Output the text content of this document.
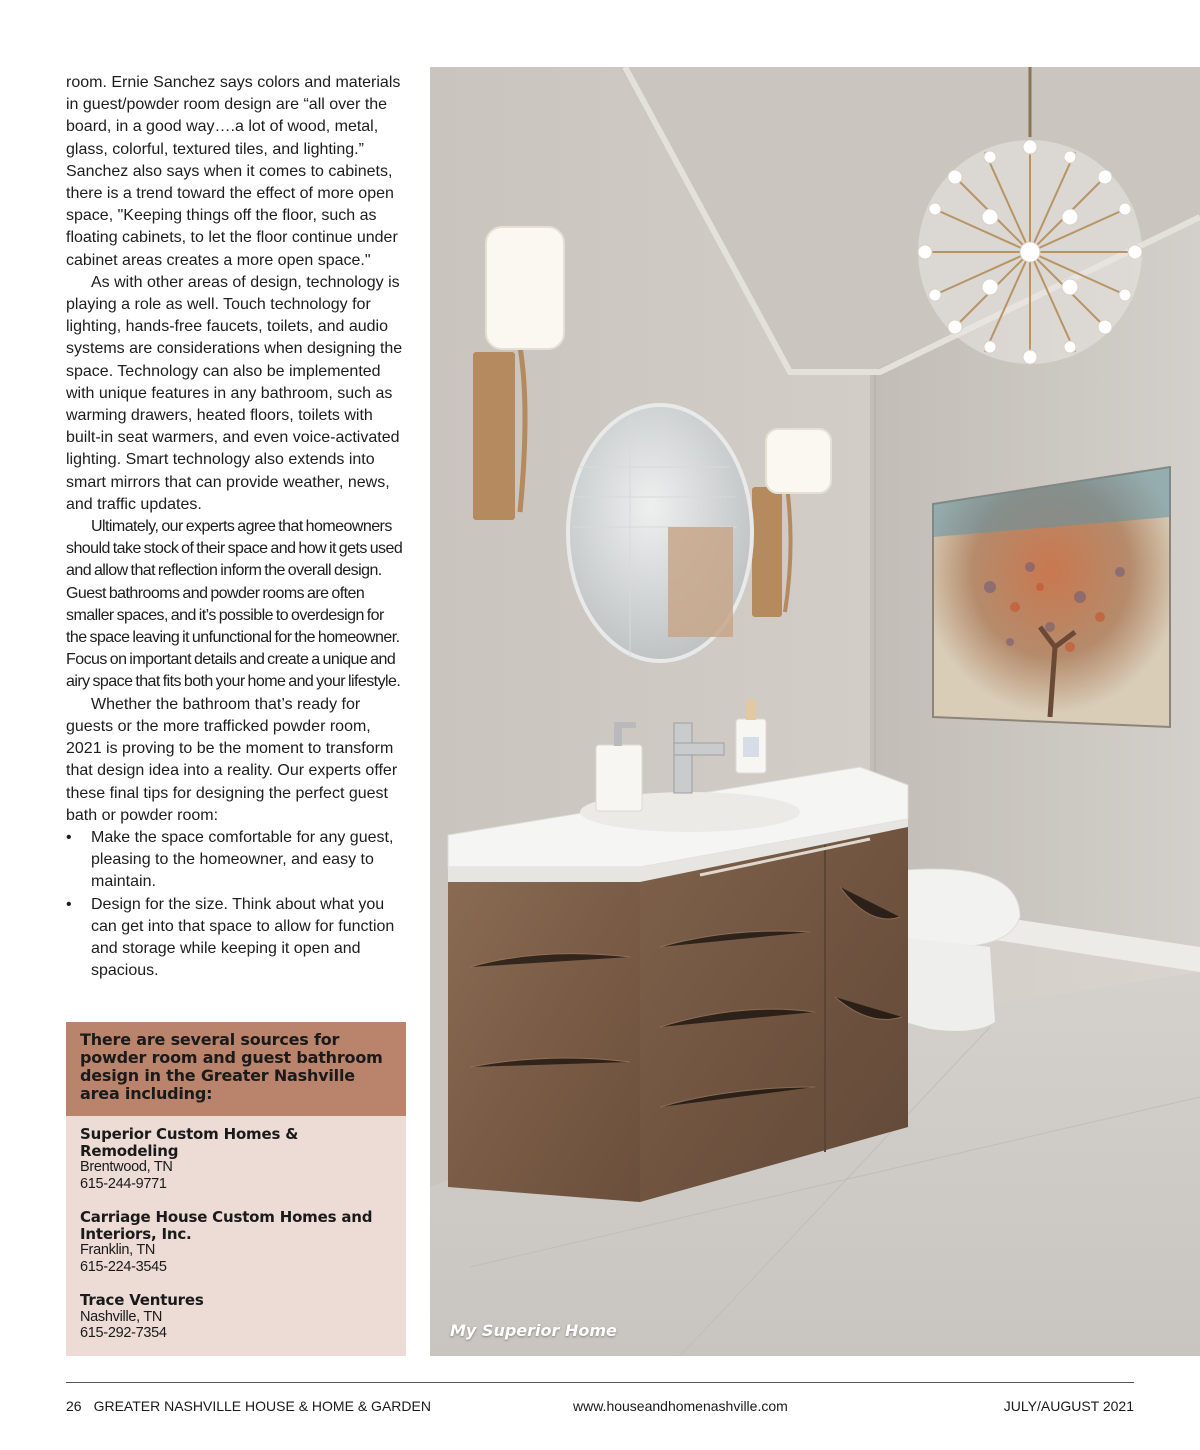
room. Ernie Sanchez says colors and materials in guest/powder room design are “all over the board, in a good way….a lot of wood, metal, glass, colorful, textured tiles, and lighting.” Sanchez also says when it comes to cabinets, there is a trend toward the effect of more open space, "Keeping things off the floor, such as floating cabinets, to let the floor continue under cabinet areas creates a more open space."

As with other areas of design, technology is playing a role as well. Touch technology for lighting, hands-free faucets, toilets, and audio systems are considerations when designing the space. Technology can also be implemented with unique features in any bathroom, such as warming drawers, heated floors, toilets with built-in seat warmers, and even voice-activated lighting. Smart technology also extends into smart mirrors that can provide weather, news, and traffic updates.

Ultimately, our experts agree that homeowners should take stock of their space and how it gets used and allow that reflection inform the overall design. Guest bathrooms and powder rooms are often smaller spaces, and it’s possible to overdesign for the space leaving it unfunctional for the homeowner. Focus on important details and create a unique and airy space that fits both your home and your lifestyle.

Whether the bathroom that’s ready for guests or the more trafficked powder room, 2021 is proving to be the moment to transform that design idea into a reality. Our experts offer these final tips for designing the perfect guest bath or powder room:

• Make the space comfortable for any guest, pleasing to the homeowner, and easy to maintain.
• Design for the size. Think about what you can get into that space to allow for function and storage while keeping it open and spacious.
There are several sources for powder room and guest bathroom design in the Greater Nashville area including:
Superior Custom Homes & Remodeling
Brentwood, TN
615-244-9771
Carriage House Custom Homes and Interiors, Inc.
Franklin, TN
615-224-3545
Trace Ventures
Nashville, TN
615-292-7354	My Superior Home
26 GREATER NASHVILLE HOUSE & HOME & GARDEN	www.houseandhomenashville.com	JULY/AUGUST 2021
